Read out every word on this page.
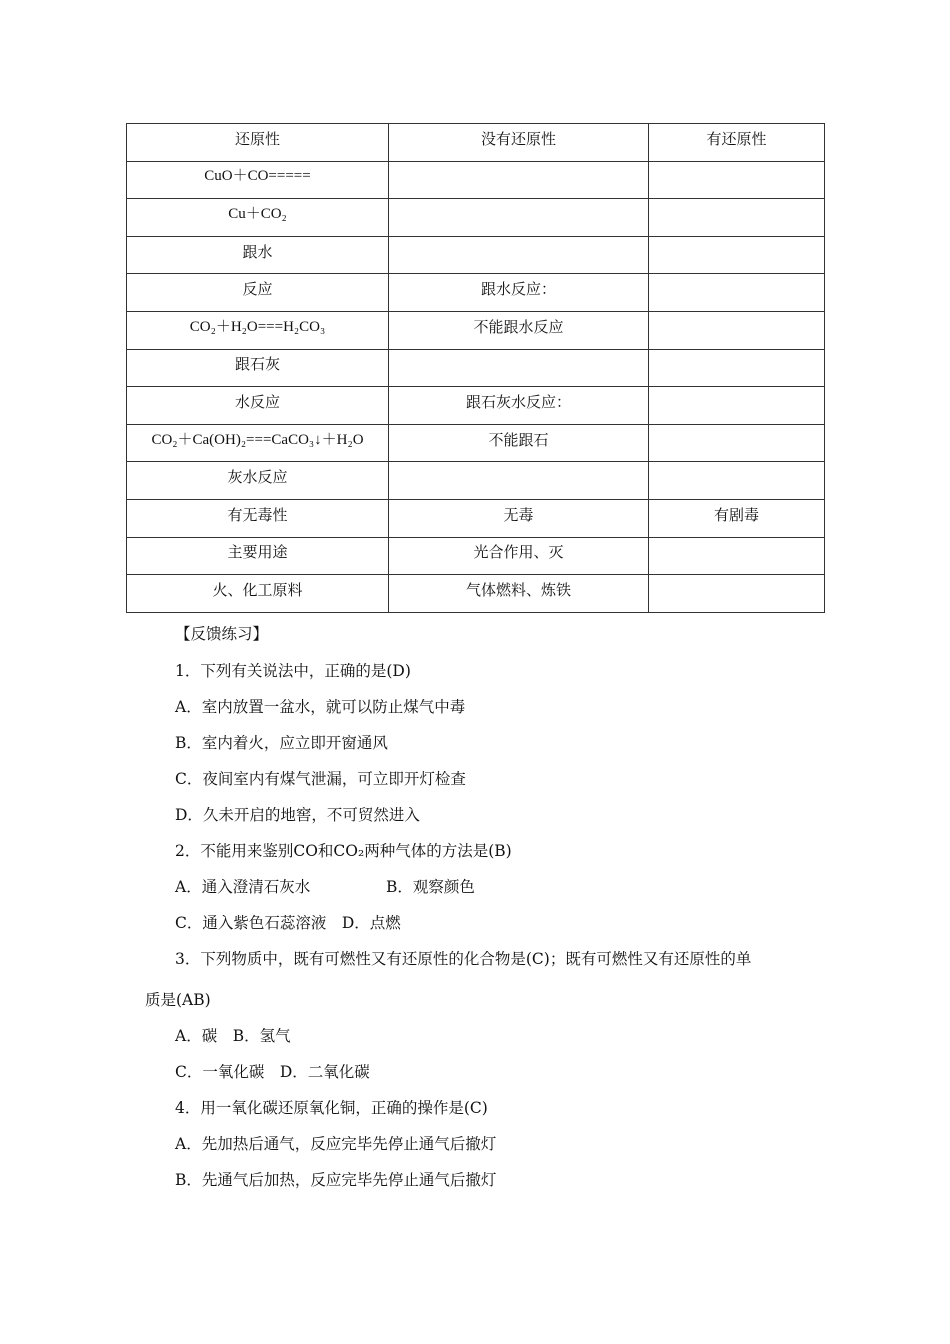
还原性	没有还原性	有还原性
CuO＋CO=====		
Cu＋CO₂		
跟水		
反应	跟水反应：	
CO₂＋H₂O===H₂CO₃	不能跟水反应	
跟石灰		
水反应	跟石灰水反应：	
CO₂＋Ca(OH)₂===CaCO₃↓＋H₂O	不能跟石	
灰水反应		
有无毒性	无毒	有剧毒
主要用途	光合作用、灭	
火、化工原料	气体燃料、炼铁	
【反馈练习】
1．下列有关说法中，正确的是(D)
A．室内放置一盆水，就可以防止煤气中毒
B．室内着火，应立即开窗通风
C．夜间室内有煤气泄漏，可立即开灯检查
D．久未开启的地窖，不可贸然进入
2．不能用来鉴别CO和CO₂两种气体的方法是(B)
A．通入澄清石灰水	B．观察颜色
C．通入紫色石蕊溶液　D．点燃
3．下列物质中，既有可燃性又有还原性的化合物是(C)；既有可燃性又有还原性的单
质是(AB)
A．碳　B．氢气
C．一氧化碳　D．二氧化碳
4．用一氧化碳还原氧化铜，正确的操作是(C)
A．先加热后通气，反应完毕先停止通气后撤灯
B．先通气后加热，反应完毕先停止通气后撤灯
